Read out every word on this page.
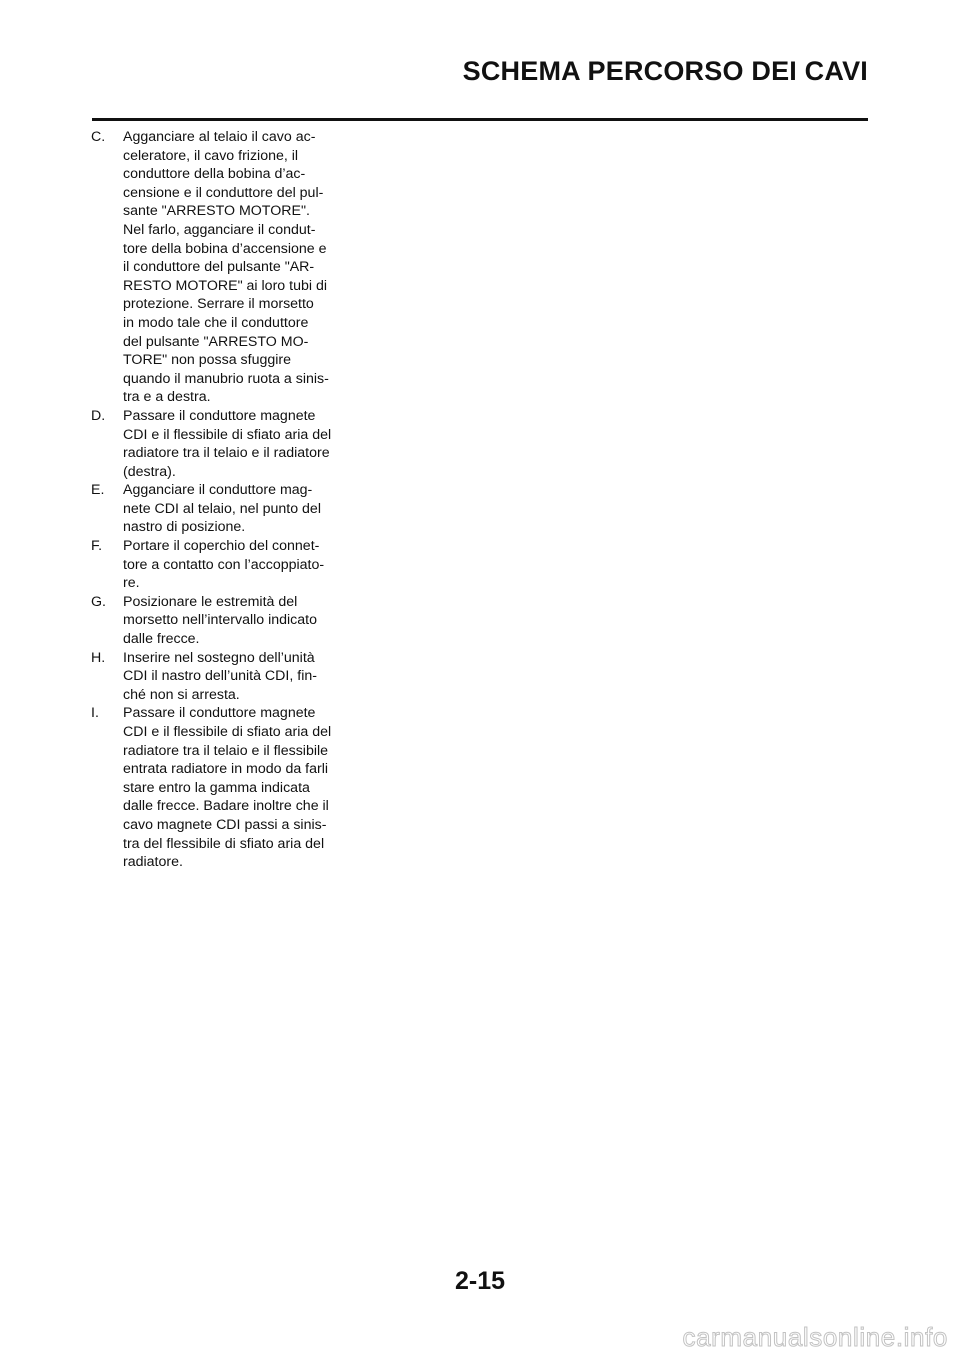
SCHEMA PERCORSO DEI CAVI
C. Agganciare al telaio il cavo ac-
celeratore, il cavo frizione, il
conduttore della bobina d’ac-
censione e il conduttore del pul-
sante "ARRESTO MOTORE".
Nel farlo, agganciare il condut-
tore della bobina d’accensione e
il conduttore del pulsante "AR-
RESTO MOTORE" ai loro tubi di
protezione. Serrare il morsetto
in modo tale che il conduttore
del pulsante "ARRESTO MO-
TORE" non possa sfuggire
quando il manubrio ruota a sinis-
tra e a destra.
D. Passare il conduttore magnete
CDI e il flessibile di sfiato aria del
radiatore tra il telaio e il radiatore
(destra).
E. Agganciare il conduttore mag-
nete CDI al telaio, nel punto del
nastro di posizione.
F. Portare il coperchio del connet-
tore a contatto con l’accoppiato-
re.
G. Posizionare le estremità del
morsetto nell’intervallo indicato
dalle frecce.
H. Inserire nel sostegno dell’unità
CDI il nastro dell’unità CDI, fin-
ché non si arresta.
I. Passare il conduttore magnete
CDI e il flessibile di sfiato aria del
radiatore tra il telaio e il flessibile
entrata radiatore in modo da farli
stare entro la gamma indicata
dalle frecce. Badare inoltre che il
cavo magnete CDI passi a sinis-
tra del flessibile di sfiato aria del
radiatore.
2-15
carmanualsonline.info
